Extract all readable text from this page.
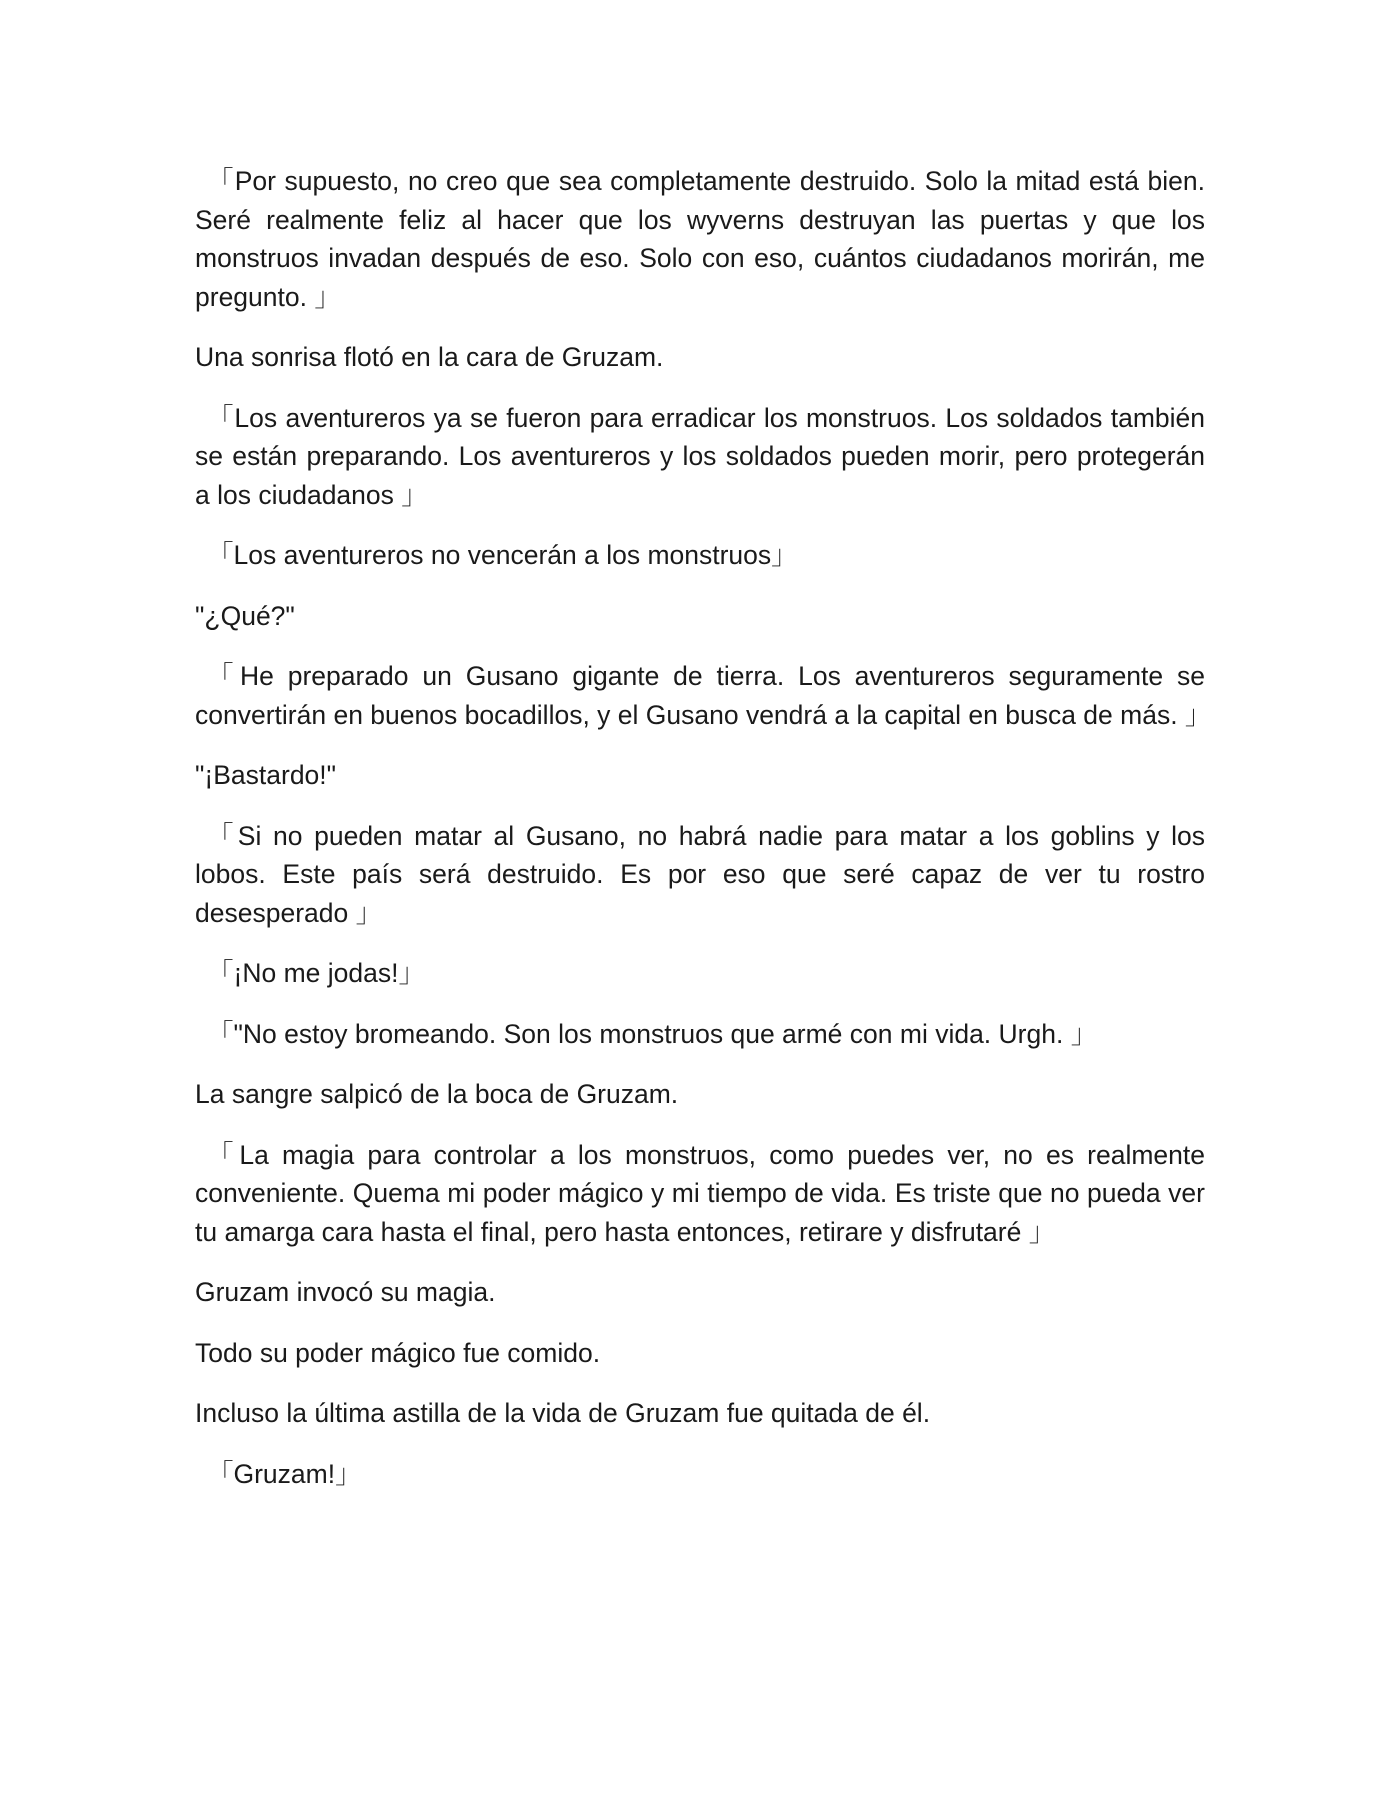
「Por supuesto, no creo que sea completamente destruido. Solo la mitad está bien. Seré realmente feliz al hacer que los wyverns destruyan las puertas y que los monstruos invadan después de eso. Solo con eso, cuántos ciudadanos morirán, me pregunto. 」

Una sonrisa flotó en la cara de Gruzam.

「Los aventureros ya se fueron para erradicar los monstruos. Los soldados también se están preparando. Los aventureros y los soldados pueden morir, pero protegerán a los ciudadanos 」

「Los aventureros no vencerán a los monstruos」

"¿Qué?"

「He preparado un Gusano gigante de tierra. Los aventureros seguramente se convertirán en buenos bocadillos, y el Gusano vendrá a la capital en busca de más. 」

"¡Bastardo!"

「Si no pueden matar al Gusano, no habrá nadie para matar a los goblins y los lobos. Este país será destruido. Es por eso que seré capaz de ver tu rostro desesperado 」

「¡No me jodas!」

「"No estoy bromeando. Son los monstruos que armé con mi vida. Urgh. 」

La sangre salpicó de la boca de Gruzam.

「La magia para controlar a los monstruos, como puedes ver, no es realmente conveniente. Quema mi poder mágico y mi tiempo de vida. Es triste que no pueda ver tu amarga cara hasta el final, pero hasta entonces, retirare y disfrutaré 」

Gruzam invocó su magia.

Todo su poder mágico fue comido.

Incluso la última astilla de la vida de Gruzam fue quitada de él.

「Gruzam!」
